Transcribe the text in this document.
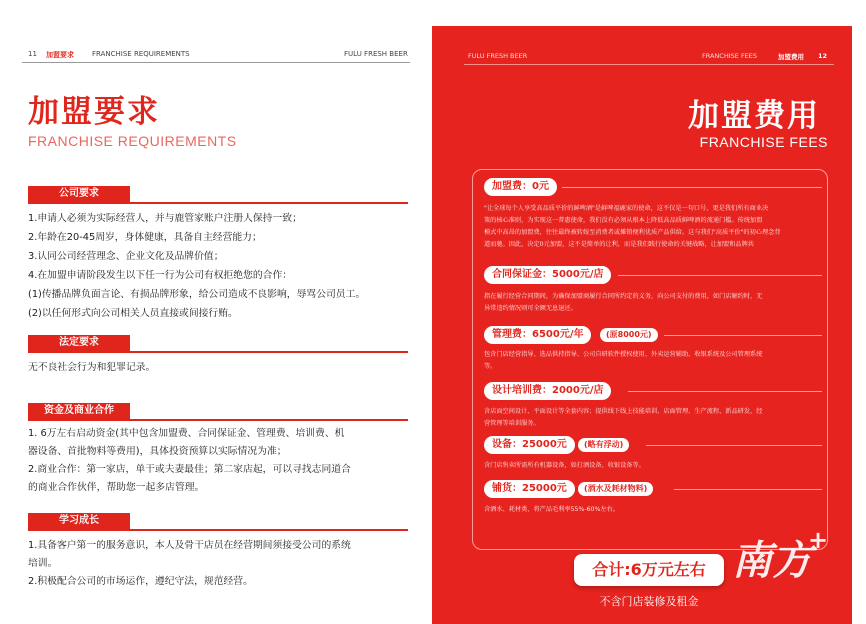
11 加盟要求	FRANCHISE REQUIREMENTS	FULU FRESH BEER
加盟要求
FRANCHISE REQUIREMENTS
公司要求
1.申请人必须为实际经营人，并与鹿管家账户注册人保持一致；
2.年龄在20-45周岁，身体健康，具备自主经营能力；
3.认同公司经营理念、企业文化及品牌价值；
4.在加盟申请阶段发生以下任一行为公司有权拒绝您的合作：
(1)传播品牌负面言论、有损品牌形象，给公司造成不良影响，辱骂公司员工。
(2)以任何形式向公司相关人员直接或间接行贿。
法定要求
无不良社会行为和犯罪记录。
资金及商业合作
1. 6万左右启动资金(其中包含加盟费、合同保证金、管理费、培训费、机
器设备、首批物料等费用)，具体投资预算以实际情况为准；
2.商业合作：第一家店，单干或夫妻最佳；第二家店起，可以寻找志同道合
的商业合作伙伴，帮助您一起多店管理。
学习成长
1.具备客户第一的服务意识，本人及骨干店员在经营期间须接受公司的系统
培训。
2.积极配合公司的市场运作，遵纪守法，规范经营。
FULU FRESH BEER	FRANCHISE FEES	加盟费用 12
加盟费用
FRANCHISE FEES
加盟费：0元
"让全球每个人享受高品质平价的鲜啤酒"是鲜啤福鹿家的使命，这不仅是一句口号，更是我们所有商业决
策的核心准则，为实现这一普惠使命，我们没有必须从根本上降低高品质鲜啤酒的流通门槛。传统加盟
模式中高昂的加盟费，往往最终被转嫁至消费者或摊销便利优质产品供给。这与我们"高质平价"的初心理念背
道而驰。因此，决定0元加盟，这不是简单的让利，而是我们践行使命的关键战略，让加盟和品牌共
合同保证金：5000元/店
指在履行经营合同期间，为确保加盟商履行合同所约定的义务，向公司支付的费用，如门店解约时，无
异常违约情况则可全额无息退还。
管理费：6500元/年	(原8000元)
包含门店经营指导、选品供持指导、公司自研软件授权使用、外卖运营辅助、收银系统及公司管理系统
等。
设计培训费：2000元/店
含店面空间设计、平面设计等全套内容；提供线下线上技能培训、店面管理、生产流程、新品研发，经
营管理等培训服务。
设备：25000元	(略有浮动)
含门店售卖所需所有机器设备，如打酒设备、收银设备等。
铺货：25000元	(酒水及耗材物料)
含酒水、耗材类，将产品毛利率55%-60%左右。
合计:6万元左右
不含门店装修及租金
南方
+
